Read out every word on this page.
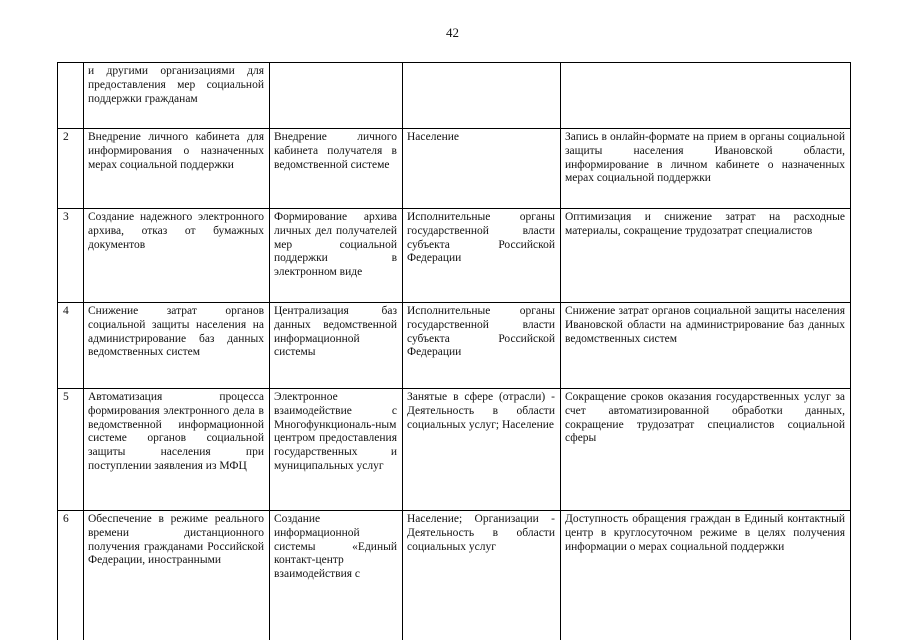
42
	и другими организациями для предоставления мер социальной поддержки гражданам			
2	Внедрение личного кабинета для информирования о назначенных мерах социальной поддержки	Внедрение личного кабинета получателя в ведомственной системе	Население	Запись в онлайн-формате на прием в органы социальной защиты населения Ивановской области, информирование в личном кабинете о назначенных мерах социальной поддержки
3	Создание надежного электронного архива, отказ от бумажных документов	Формирование архива личных дел получателей мер социальной поддержки в электронном виде	Исполнительные органы государственной власти субъекта Российской Федерации	Оптимизация и снижение затрат на расходные материалы, сокращение трудозатрат специалистов
4	Снижение затрат органов социальной защиты населения на администрирование баз данных ведомственных систем	Централизация баз данных ведомственной информационной системы	Исполнительные органы государственной власти субъекта Российской Федерации	Снижение затрат органов социальной защиты населения Ивановской области на администрирование баз данных ведомственных систем
5	Автоматизация процесса формирования электронного дела в ведомственной информационной системе органов социальной защиты населения при поступлении заявления из МФЦ	Электронное взаимодействие с Многофункциональ-ным центром предоставления государственных и муниципальных услуг	Занятые в сфере (отрасли) - Деятельность в области социальных услуг; Население	Сокращение сроков оказания государственных услуг за счет автоматизированной обработки данных, сокращение трудозатрат специалистов социальной сферы
6	Обеспечение в режиме реального времени дистанционного получения гражданами Российской Федерации, иностранными	Создание информационной системы «Единый контакт-центр взаимодействия с	Население; Организации - Деятельность в области социальных услуг	Доступность обращения граждан в Единый контактный центр в круглосуточном режиме в целях получения информации о мерах социальной поддержки
